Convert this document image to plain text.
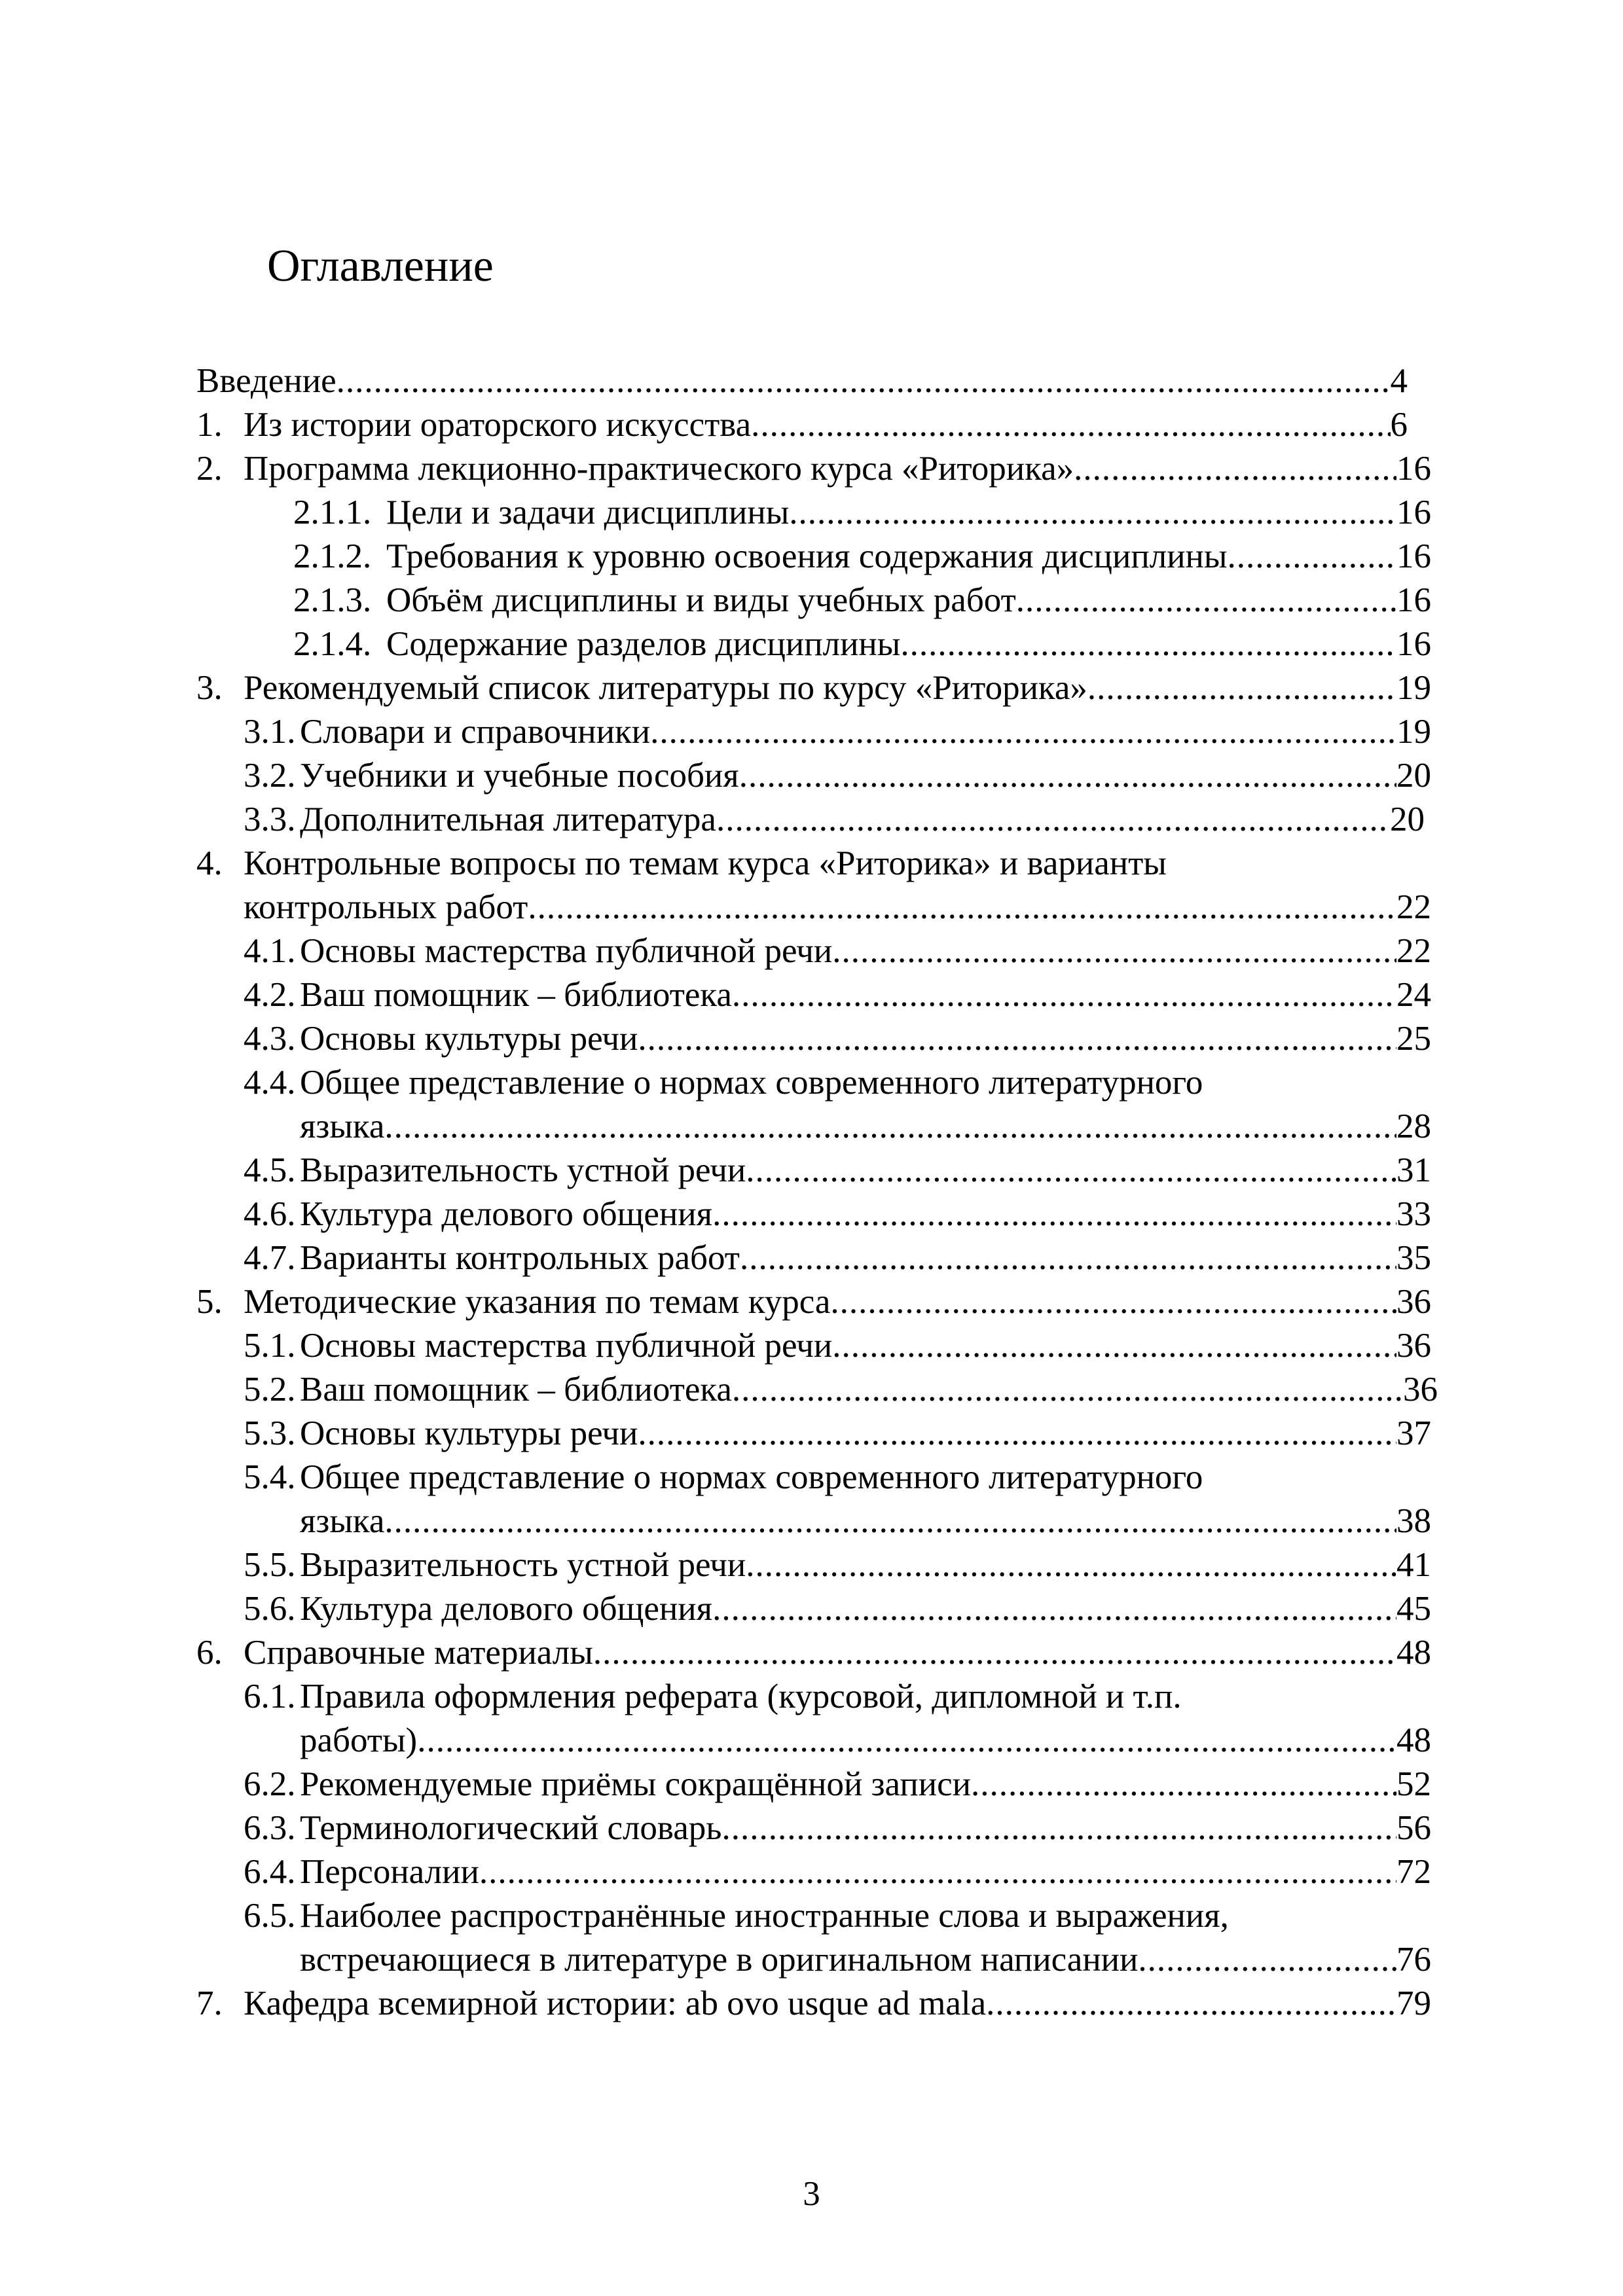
Оглавление
Введение .....	4
1. Из истории ораторского искусства .....	6
2. Программа лекционно-практического курса «Риторика» .....	16
2.1.1. Цели и задачи дисциплины .....	16
2.1.2. Требования к уровню освоения содержания дисциплины .....	16
2.1.3. Объём дисциплины и виды учебных работ .....	16
2.1.4. Содержание разделов дисциплины .....	16
3. Рекомендуемый список литературы по курсу «Риторика» .....	19
3.1. Словари и справочники .....	19
3.2. Учебники и учебные пособия .....	20
3.3. Дополнительная литература .....	20
4. Контрольные вопросы по темам курса «Риторика» и варианты
контрольных работ .....	22
4.1. Основы мастерства публичной речи .....	22
4.2. Ваш помощник – библиотека .....	24
4.3. Основы культуры речи .....	25
4.4. Общее представление о нормах современного литературного
языка .....	28
4.5. Выразительность устной речи .....	31
4.6. Культура делового общения .....	33
4.7. Варианты контрольных работ .....	35
5. Методические указания по темам курса .....	36
5.1. Основы мастерства публичной речи .....	36
5.2. Ваш помощник – библиотека .....	36
5.3. Основы культуры речи .....	37
5.4. Общее представление о нормах современного литературного
языка .....	38
5.5. Выразительность устной речи .....	41
5.6. Культура делового общения .....	45
6. Справочные материалы .....	48
6.1. Правила оформления реферата (курсовой, дипломной и т.п.
работы) .....	48
6.2. Рекомендуемые приёмы сокращённой записи .....	52
6.3. Терминологический словарь .....	56
6.4. Персоналии .....	72
6.5. Наиболее распространённые иностранные слова и выражения,
встречающиеся в литературе в оригинальном написании .....	76
7. Кафедра всемирной истории: ab ovo usque ad mala .....	79
3
